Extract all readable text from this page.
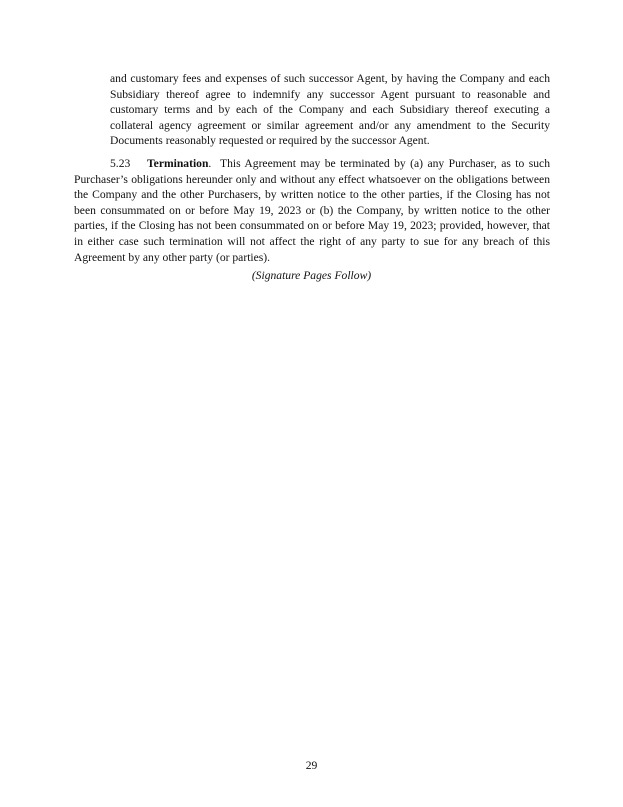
and customary fees and expenses of such successor Agent, by having the Company and each Subsidiary thereof agree to indemnify any successor Agent pursuant to reasonable and customary terms and by each of the Company and each Subsidiary thereof executing a collateral agency agreement or similar agreement and/or any amendment to the Security Documents reasonably requested or required by the successor Agent.

5.23 Termination. This Agreement may be terminated by (a) any Purchaser, as to such Purchaser’s obligations hereunder only and without any effect whatsoever on the obligations between the Company and the other Purchasers, by written notice to the other parties, if the Closing has not been consummated on or before May 19, 2023 or (b) the Company, by written notice to the other parties, if the Closing has not been consummated on or before May 19, 2023; provided, however, that in either case such termination will not affect the right of any party to sue for any breach of this Agreement by any other party (or parties).

(Signature Pages Follow)
29
